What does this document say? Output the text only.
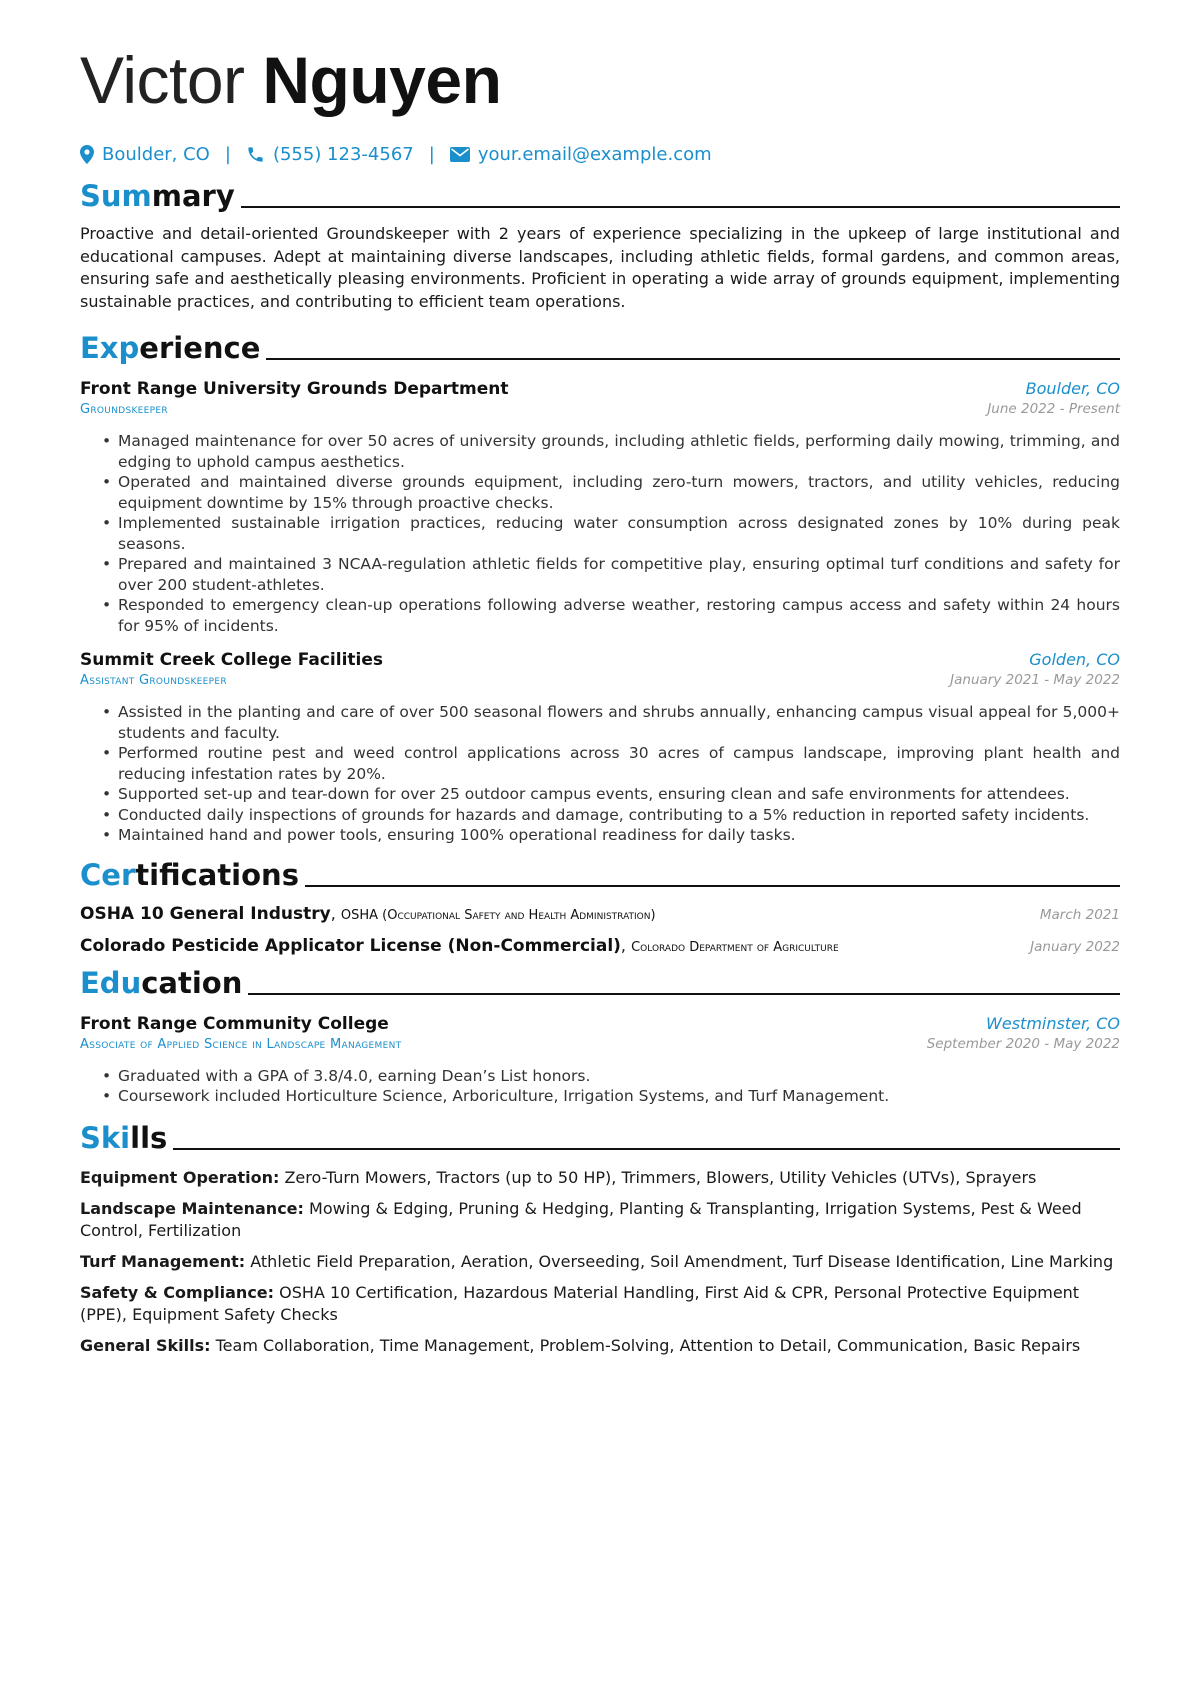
Victor Nguyen
Boulder, CO | (555) 123-4567 | your.email@example.com
Summary
Proactive and detail-oriented Groundskeeper with 2 years of experience specializing in the upkeep of large institutional and educational campuses. Adept at maintaining diverse landscapes, including athletic fields, formal gardens, and common areas, ensuring safe and aesthetically pleasing environments. Proficient in operating a wide array of grounds equipment, implementing sustainable practices, and contributing to efficient team operations.
Experience
Front Range University Grounds Department	Boulder, CO
Groundskeeper	June 2022 - Present
• Managed maintenance for over 50 acres of university grounds, including athletic fields, performing daily mowing, trimming, and edging to uphold campus aesthetics.
• Operated and maintained diverse grounds equipment, including zero-turn mowers, tractors, and utility vehicles, reducing equipment downtime by 15% through proactive checks.
• Implemented sustainable irrigation practices, reducing water consumption across designated zones by 10% during peak seasons.
• Prepared and maintained 3 NCAA-regulation athletic fields for competitive play, ensuring optimal turf conditions and safety for over 200 student-athletes.
• Responded to emergency clean-up operations following adverse weather, restoring campus access and safety within 24 hours for 95% of incidents.
Summit Creek College Facilities	Golden, CO
Assistant Groundskeeper	January 2021 - May 2022
• Assisted in the planting and care of over 500 seasonal flowers and shrubs annually, enhancing campus visual appeal for 5,000+ students and faculty.
• Performed routine pest and weed control applications across 30 acres of campus landscape, improving plant health and reducing infestation rates by 20%.
• Supported set-up and tear-down for over 25 outdoor campus events, ensuring clean and safe environments for attendees.
• Conducted daily inspections of grounds for hazards and damage, contributing to a 5% reduction in reported safety incidents.
• Maintained hand and power tools, ensuring 100% operational readiness for daily tasks.
Certifications
OSHA 10 General Industry, OSHA (Occupational Safety and Health Administration)	March 2021
Colorado Pesticide Applicator License (Non-Commercial), Colorado Department of Agriculture	January 2022
Education
Front Range Community College	Westminster, CO
Associate of Applied Science in Landscape Management	September 2020 - May 2022
• Graduated with a GPA of 3.8/4.0, earning Dean’s List honors.
• Coursework included Horticulture Science, Arboriculture, Irrigation Systems, and Turf Management.
Skills
Equipment Operation: Zero-Turn Mowers, Tractors (up to 50 HP), Trimmers, Blowers, Utility Vehicles (UTVs), Sprayers
Landscape Maintenance: Mowing & Edging, Pruning & Hedging, Planting & Transplanting, Irrigation Systems, Pest & Weed Control, Fertilization
Turf Management: Athletic Field Preparation, Aeration, Overseeding, Soil Amendment, Turf Disease Identification, Line Marking
Safety & Compliance: OSHA 10 Certification, Hazardous Material Handling, First Aid & CPR, Personal Protective Equipment (PPE), Equipment Safety Checks
General Skills: Team Collaboration, Time Management, Problem-Solving, Attention to Detail, Communication, Basic Repairs
